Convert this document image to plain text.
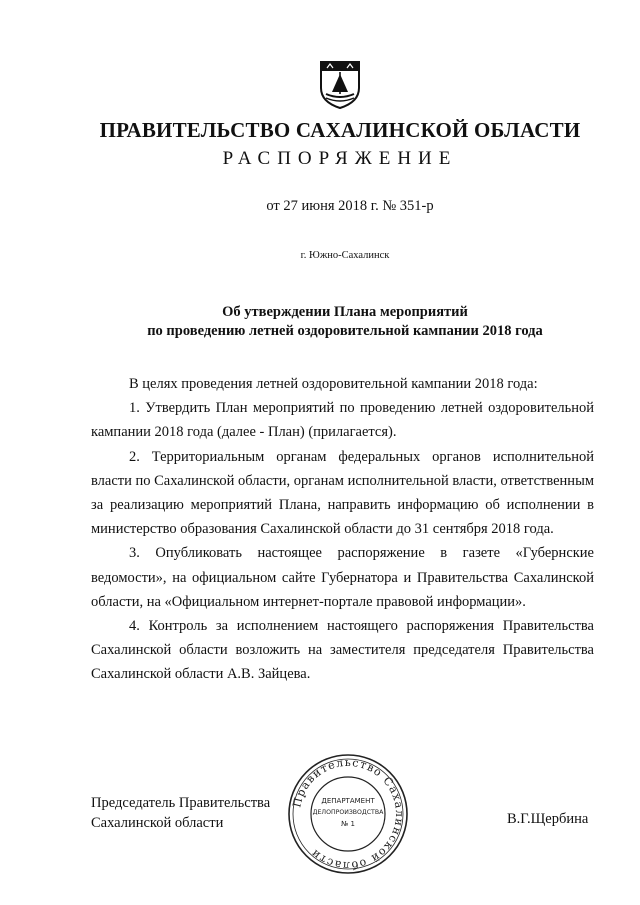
ПРАВИТЕЛЬСТВО САХАЛИНСКОЙ ОБЛАСТИ
РАСПОРЯЖЕНИЕ
от 27 июня 2018 г. № 351-р
г. Южно-Сахалинск
Об утверждении Плана мероприятий
по проведению летней оздоровительной кампании 2018 года

В целях проведения летней оздоровительной кампании 2018 года:

1. Утвердить План мероприятий по проведению летней оздоровительной кампании 2018 года (далее - План) (прилагается).

2. Территориальным органам федеральных органов исполнительной власти по Сахалинской области, органам исполнительной власти, ответственным за реализацию мероприятий Плана, направить информацию об исполнении в министерство образования Сахалинской области до 31 сентября 2018 года.

3. Опубликовать настоящее распоряжение в газете «Губернские ведомости», на официальном сайте Губернатора и Правительства Сахалинской области, на «Официальном интернет-портале правовой информации».

4. Контроль за исполнением настоящего распоряжения Правительства Сахалинской области возложить на заместителя председателя Правительства Сахалинской области А.В. Зайцева.

Председатель Правительства
Сахалинской области
Правительство Сахалинской области
ДЕПАРТАМЕНТ
ДЕЛОПРОИЗВОДСТВА
№ 1	В.Г.Щербина
